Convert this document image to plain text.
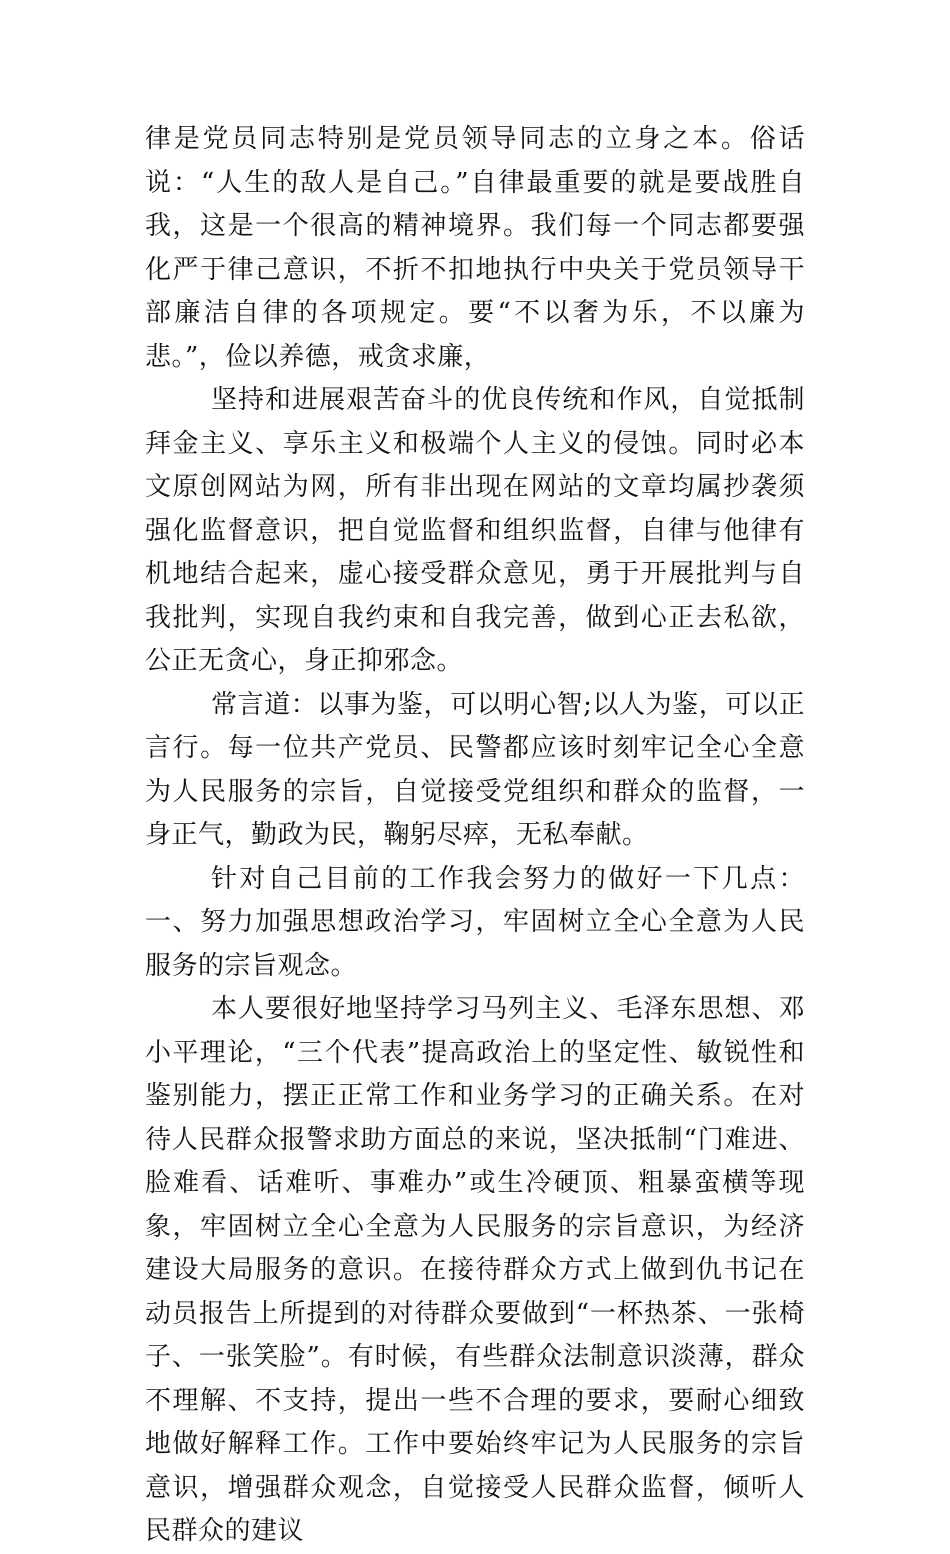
律是党员同志特别是党员领导同志的立身之本。俗话说：“人生的敌人是自己。”自律最重要的就是要战胜自我，这是一个很高的精神境界。我们每一个同志都要强化严于律己意识，不折不扣地执行中央关于党员领导干部廉洁自律的各项规定。要“不以奢为乐，不以廉为悲。”，俭以养德，戒贪求廉，

坚持和进展艰苦奋斗的优良传统和作风，自觉抵制拜金主义、享乐主义和极端个人主义的侵蚀。同时必本文原创网站为网，所有非出现在网站的文章均属抄袭须强化监督意识，把自觉监督和组织监督，自律与他律有机地结合起来，虚心接受群众意见，勇于开展批判与自我批判，实现自我约束和自我完善，做到心正去私欲，公正无贪心，身正抑邪念。

常言道：以事为鉴，可以明心智;以人为鉴，可以正言行。每一位共产党员、民警都应该时刻牢记全心全意为人民服务的宗旨，自觉接受党组织和群众的监督，一身正气，勤政为民，鞠躬尽瘁，无私奉献。

针对自己目前的工作我会努力的做好一下几点：一、努力加强思想政治学习，牢固树立全心全意为人民服务的宗旨观念。

本人要很好地坚持学习马列主义、毛泽东思想、邓小平理论，“三个代表”提高政治上的坚定性、敏锐性和鉴别能力，摆正正常工作和业务学习的正确关系。在对待人民群众报警求助方面总的来说，坚决抵制“门难进、脸难看、话难听、事难办”或生冷硬顶、粗暴蛮横等现象，牢固树立全心全意为人民服务的宗旨意识，为经济建设大局服务的意识。在接待群众方式上做到仇书记在动员报告上所提到的对待群众要做到“一杯热茶、一张椅子、一张笑脸”。有时候，有些群众法制意识淡薄，群众不理解、不支持，提出一些不合理的要求，要耐心细致地做好解释工作。工作中要始终牢记为人民服务的宗旨意识，增强群众观念，自觉接受人民群众监督，倾听人民群众的建议
